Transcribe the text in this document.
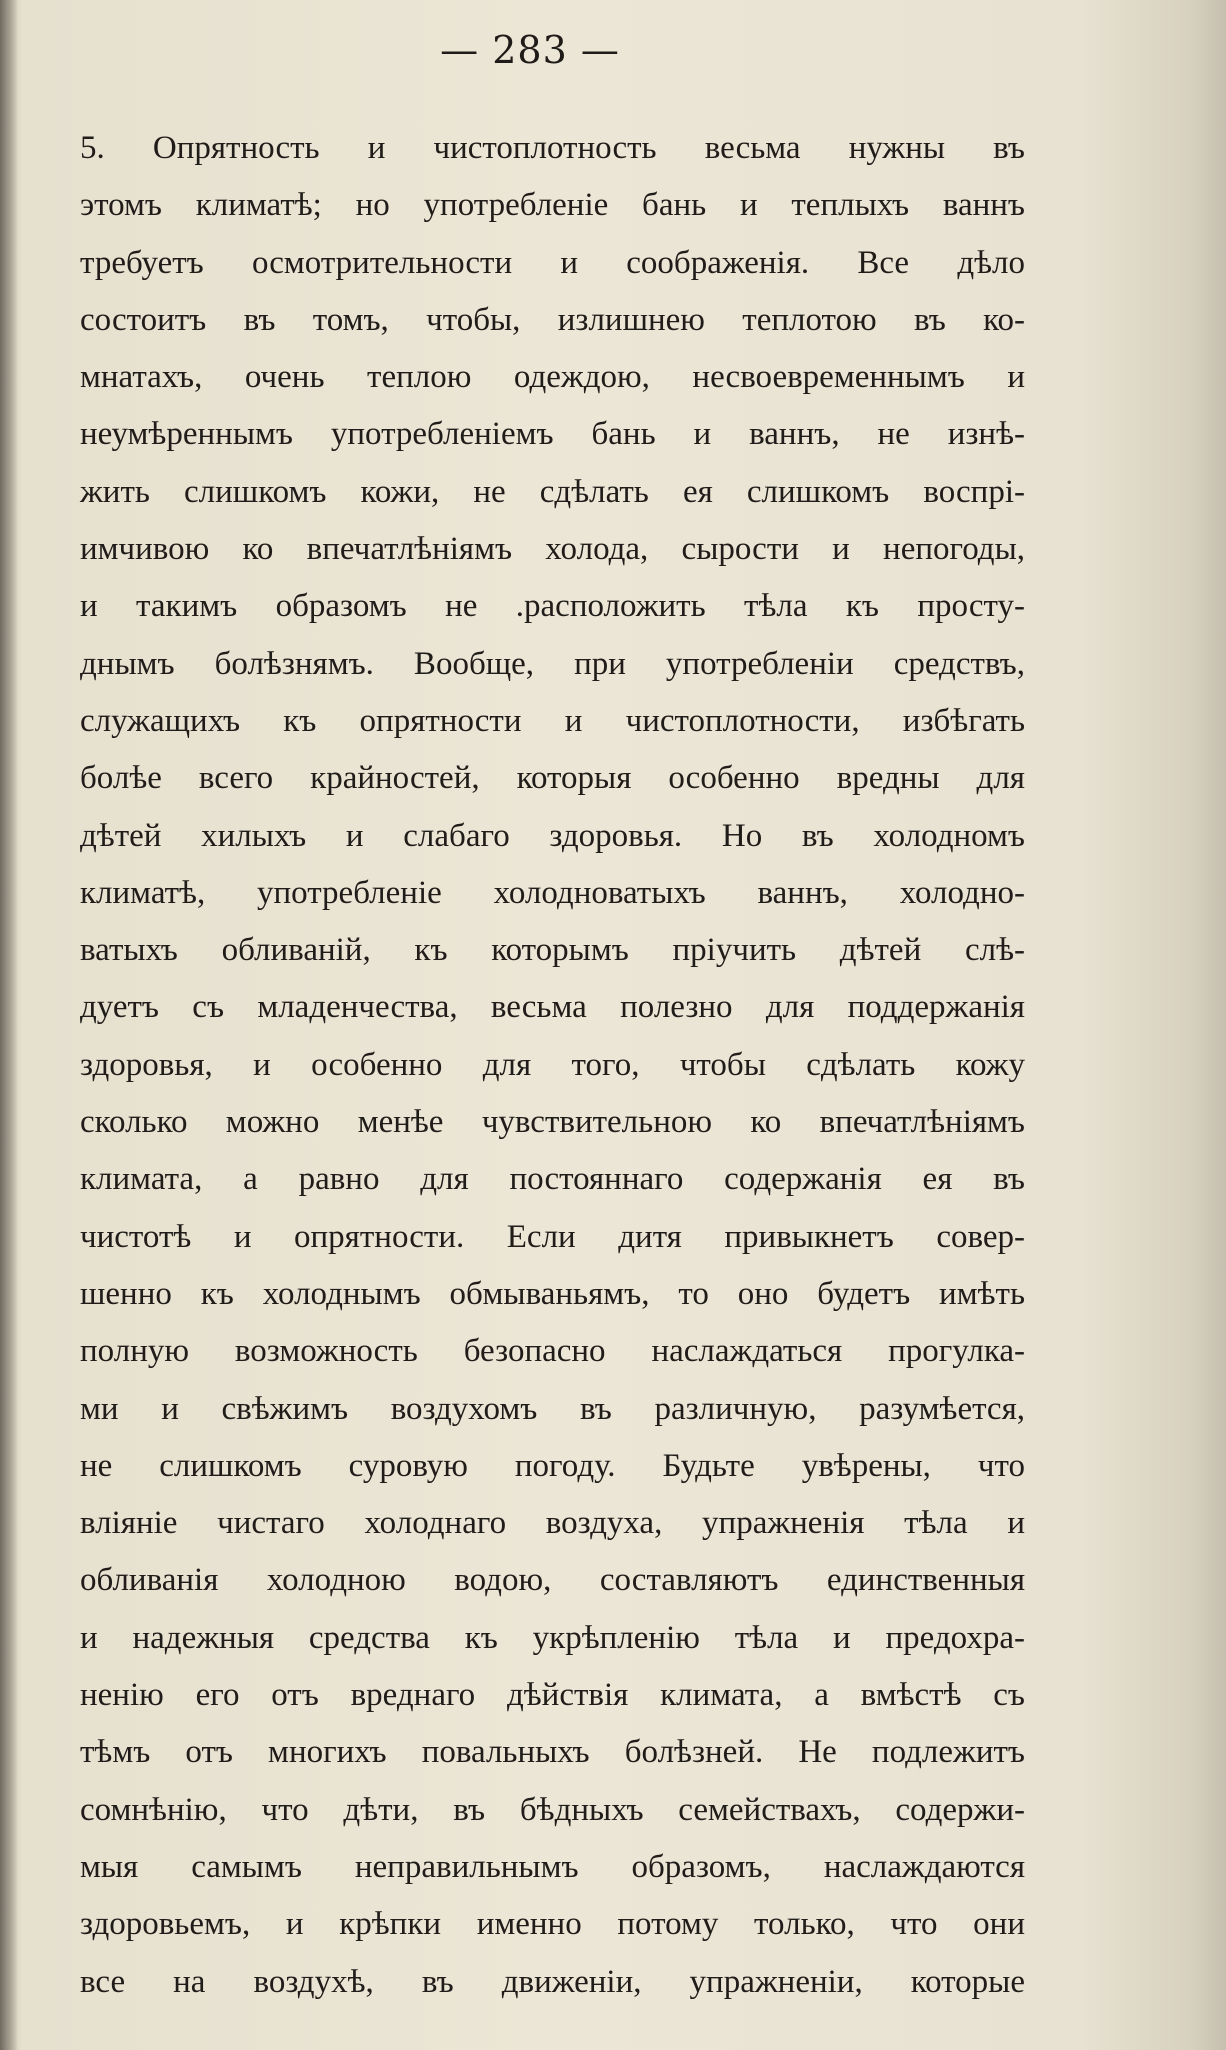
— 283 —
5. Опрятность и чистоплотность весьма нужны въ
этомъ климатѣ; но употребленіе бань и теплыхъ ваннъ
требуетъ осмотрительности и соображенія. Все дѣло
состоитъ въ томъ, чтобы, излишнею теплотою въ ко-
мнатахъ, очень теплою одеждою, несвоевременнымъ и
неумѣреннымъ употребленіемъ бань и ваннъ, не изнѣ-
жить слишкомъ кожи, не сдѣлать ея слишкомъ воспрі-
имчивою ко впечатлѣніямъ холода, сырости и непогоды,
и такимъ образомъ не .расположить тѣла къ просту-
днымъ болѣзнямъ. Вообще, при употребленіи средствъ,
служащихъ къ опрятности и чистоплотности, избѣгать
болѣе всего крайностей, которыя особенно вредны для
дѣтей хилыхъ и слабаго здоровья. Но въ холодномъ
климатѣ, употребленіе холодноватыхъ ваннъ, холодно-
ватыхъ обливаній, къ которымъ пріучить дѣтей слѣ-
дуетъ съ младенчества, весьма полезно для поддержанія
здоровья, и особенно для того, чтобы сдѣлать кожу
сколько можно менѣе чувствительною ко впечатлѣніямъ
климата, а равно для постояннаго содержанія ея въ
чистотѣ и опрятности. Если дитя привыкнетъ совер-
шенно къ холоднымъ обмываньямъ, то оно будетъ имѣть
полную возможность безопасно наслаждаться прогулка-
ми и свѣжимъ воздухомъ въ различную, разумѣется,
не слишкомъ суровую погоду. Будьте увѣрены, что
вліяніе чистаго холоднаго воздуха, упражненія тѣла и
обливанія холодною водою, составляютъ единственныя
и надежныя средства къ укрѣпленію тѣла и предохра-
ненію его отъ вреднаго дѣйствія климата, а вмѣстѣ съ
тѣмъ отъ многихъ повальныхъ болѣзней. Не подлежитъ
сомнѣнію, что дѣти, въ бѣдныхъ семействахъ, содержи-
мыя самымъ неправильнымъ образомъ, наслаждаются
здоровьемъ, и крѣпки именно потому только, что они
все на воздухѣ, въ движеніи, упражненіи, которые
